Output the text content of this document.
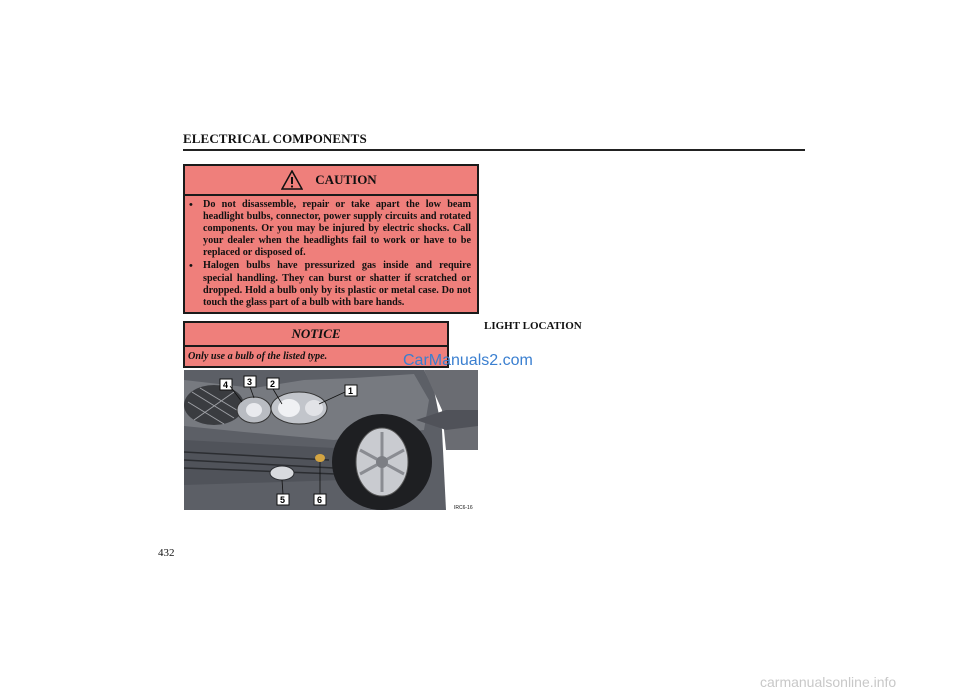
ELECTRICAL COMPONENTS
CAUTION
• Do not disassemble, repair or take apart the low beam headlight bulbs, connector, power supply circuits and rotated components. Or you may be injured by electric shocks. Call your dealer when the headlights fail to work or have to be replaced or disposed of.
• Halogen bulbs have pressurized gas inside and require special handling. They can burst or shatter if scratched or dropped. Hold a bulb only by its plastic or metal case. Do not touch the glass part of a bulb with bare hands.
NOTICE
Only use a bulb of the listed type.
LIGHT LOCATION
CarManuals2.com
1
2
3
4
5	6
IRC6-16
432
carmanualsonline.info
